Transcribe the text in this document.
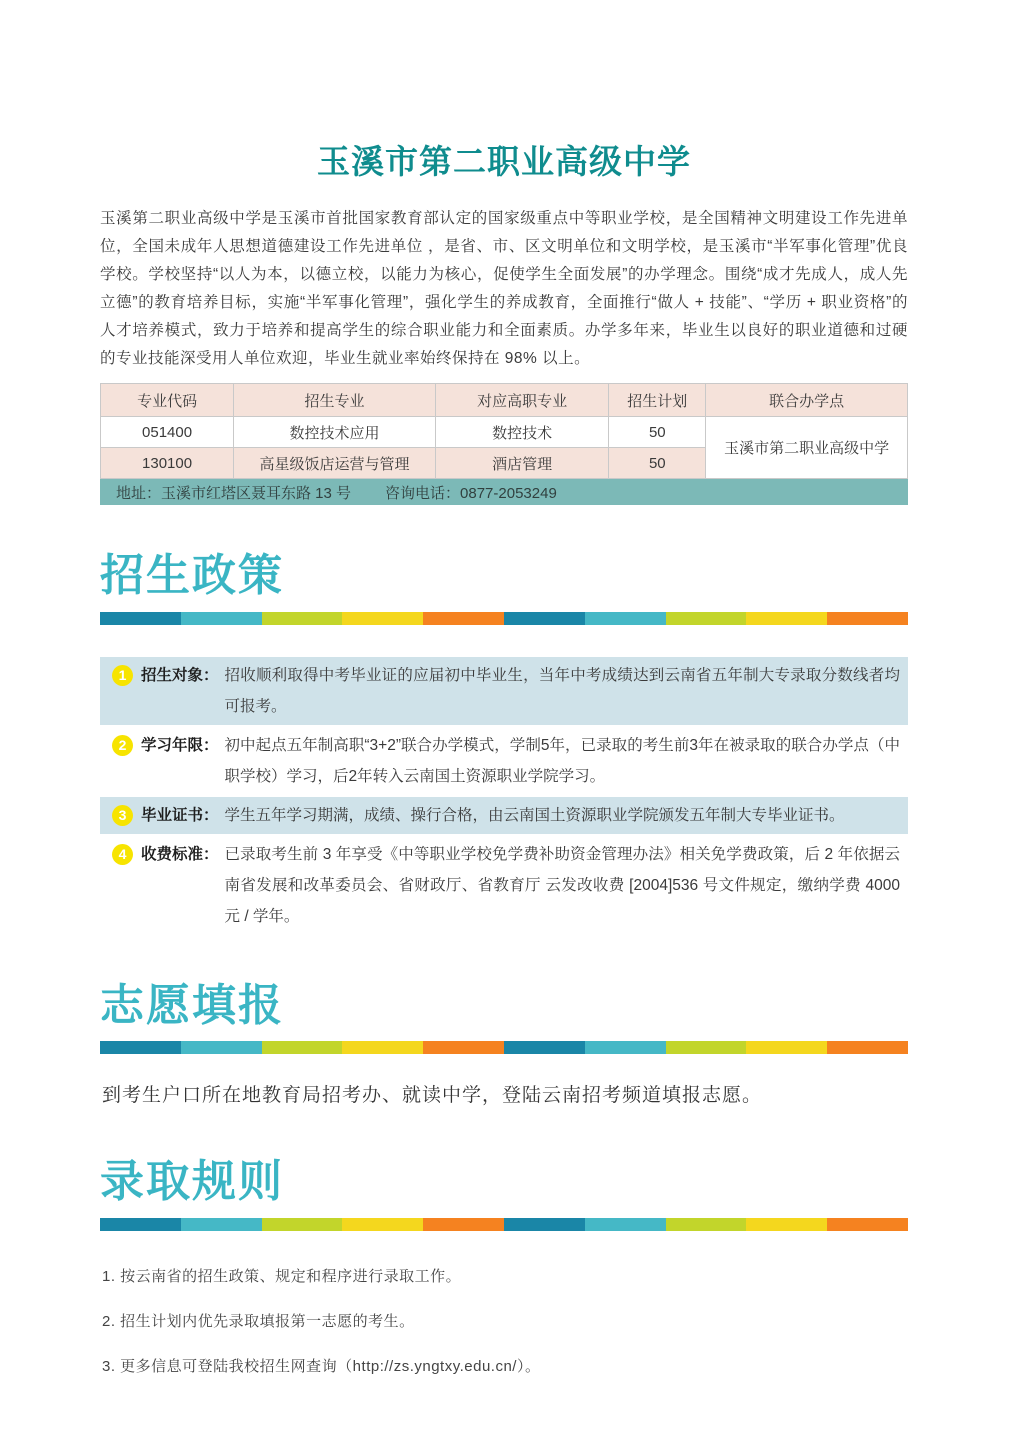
玉溪市第二职业高级中学

玉溪第二职业高级中学是玉溪市首批国家教育部认定的国家级重点中等职业学校，是全国精神文明建设工作先进单位，全国未成年人思想道德建设工作先进单位 ，是省、市、区文明单位和文明学校，是玉溪市“半军事化管理”优良学校。学校坚持“以人为本，以德立校，以能力为核心，促使学生全面发展”的办学理念。围绕“成才先成人，成人先立德”的教育培养目标，实施“半军事化管理”，强化学生的养成教育，全面推行“做人 + 技能”、“学历 + 职业资格”的人才培养模式，致力于培养和提高学生的综合职业能力和全面素质。办学多年来，毕业生以良好的职业道德和过硬的专业技能深受用人单位欢迎，毕业生就业率始终保持在 98% 以上。

专业代码	招生专业	对应高职专业	招生计划	联合办学点
051400	数控技术应用	数控技术	50	玉溪市第二职业高级中学
130100	高星级饭店运营与管理	酒店管理	50	
地址：玉溪市红塔区聂耳东路 13 号 咨询电话：0877-2053249
招生政策
1 招生对象： 招收顺利取得中考毕业证的应届初中毕业生，当年中考成绩达到云南省五年制大专录取分数线者均可报考。
2 学习年限： 初中起点五年制高职“3+2”联合办学模式，学制5年，已录取的考生前3年在被录取的联合办学点（中职学校）学习，后2年转入云南国土资源职业学院学习。
3 毕业证书： 学生五年学习期满，成绩、操行合格，由云南国土资源职业学院颁发五年制大专毕业证书。
4 收费标准： 已录取考生前 3 年享受《中等职业学校免学费补助资金管理办法》相关免学费政策，后 2 年依据云南省发展和改革委员会、省财政厅、省教育厅 云发改收费 [2004]536 号文件规定，缴纳学费 4000 元 / 学年。
志愿填报

到考生户口所在地教育局招考办、就读中学，登陆云南招考频道填报志愿。

录取规则

1. 按云南省的招生政策、规定和程序进行录取工作。

2. 招生计划内优先录取填报第一志愿的考生。

3. 更多信息可登陆我校招生网查询（http://zs.yngtxy.edu.cn/）。
